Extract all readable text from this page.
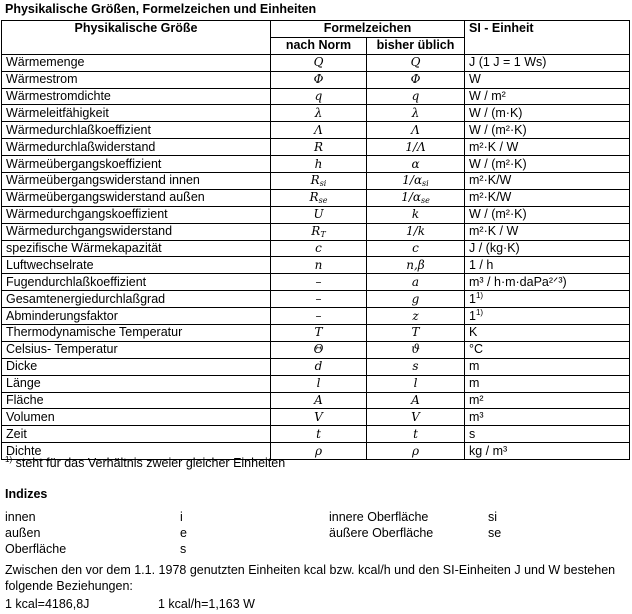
Physikalische Größen, Formelzeichen und Einheiten
Physikalische Größe	Formelzeichen		SI - Einheit
	nach Norm	bisher üblich	
Wärmemenge	Q	Q	J (1 J = 1 Ws)
Wärmestrom	Φ	Φ	W
Wärmestromdichte	q	q	W / m²
Wärmeleitfähigkeit	λ	λ	W / (m·K)
Wärmedurchlaßkoeffizient	Λ	Λ	W / (m²·K)
Wärmedurchlaßwiderstand	R	1/Λ	m²·K / W
Wärmeübergangskoeffizient	h	α	W / (m²·K)
Wärmeübergangswiderstand innen	$R_{si}$	$1/\alpha_{si}$	m²·K/W
Wärmeübergangswiderstand außen	$R_{se}$	$1/\alpha_{se}$	m²·K/W
Wärmedurchgangskoeffizient	U	k	W / (m²·K)
Wärmedurchgangswiderstand	$R_T$	1/k	m²·K / W
spezifische Wärmekapazität	c	c	J / (kg·K)
Luftwechselrate	n	n,β	1 / h
Fugendurchlaßkoeffizient	–	a	m³ / h·m·daPa²ᐟ³)
Gesamtenergiedurchlaßgrad	–	g	1$^{1)}$
Abminderungsfaktor	–	z	1$^{1)}$
Thermodynamische Temperatur	T	T	K
Celsius- Temperatur	Θ	ϑ	°C
Dicke	d	s	m
Länge	l	l	m
Fläche	A	A	m²
Volumen	V	V	m³
Zeit	t	t	s
Dichte	ρ	ρ	kg / m³
$^{1)}$ steht für das Verhältnis zweier gleicher Einheiten
Indizes
innen	i	innere Oberfläche	si
außen	e	äußere Oberfläche	se
Oberfläche	s
Zwischen den vor dem 1.1. 1978 genutzten Einheiten kcal bzw. kcal/h und den SI-Einheiten J und W bestehen folgende Beziehungen:
1 kcal=4186,8J	1 kcal/h=1,163 W
